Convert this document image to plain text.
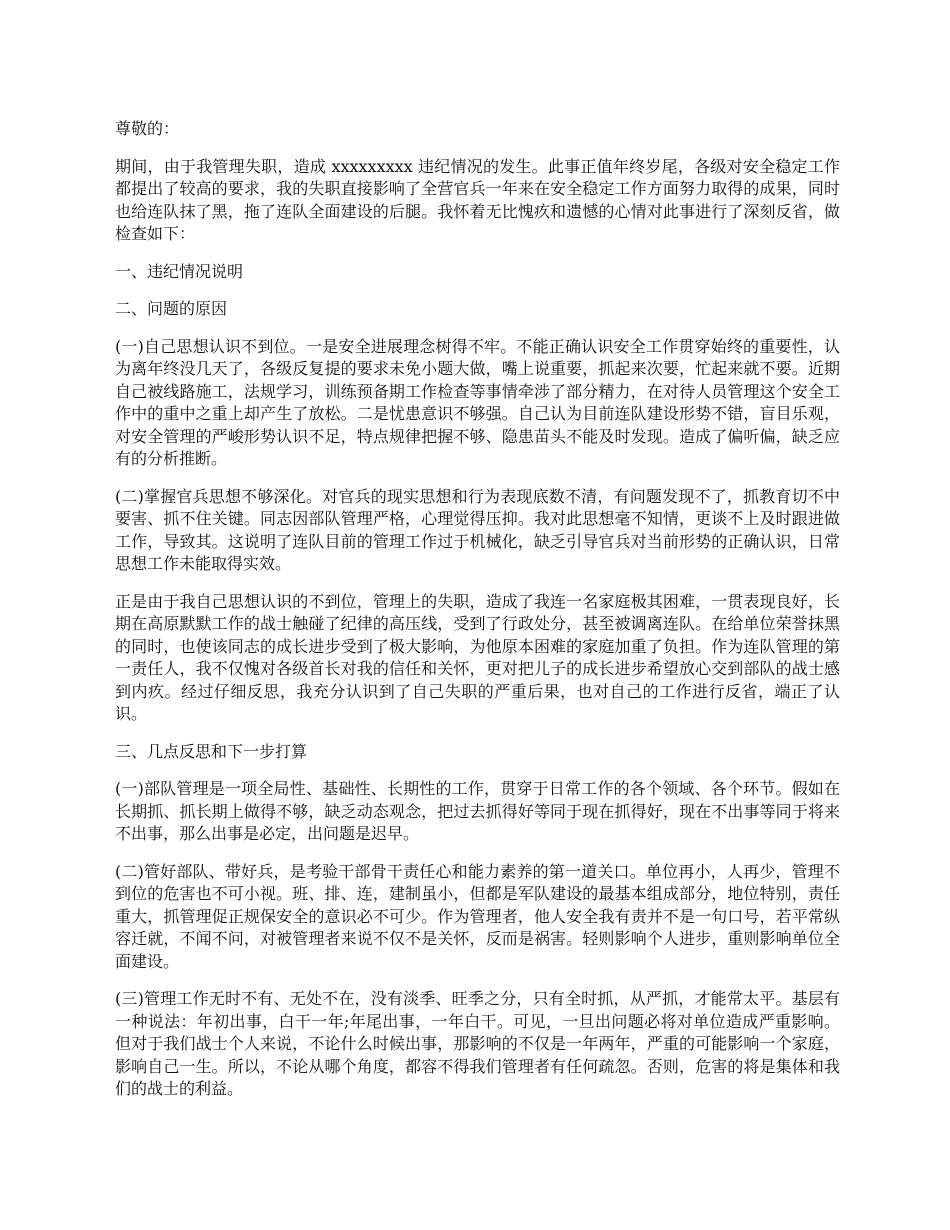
尊敬的：

期间，由于我管理失职，造成 xxxxxxxxx 违纪情况的发生。此事正值年终岁尾，各级对安全稳定工作都提出了较高的要求，我的失职直接影响了全营官兵一年来在安全稳定工作方面努力取得的成果，同时也给连队抹了黑，拖了连队全面建设的后腿。我怀着无比愧疚和遗憾的心情对此事进行了深刻反省，做检查如下：

一、违纪情况说明

二、问题的原因

(一)自己思想认识不到位。一是安全进展理念树得不牢。不能正确认识安全工作贯穿始终的重要性，认为离年终没几天了，各级反复提的要求未免小题大做，嘴上说重要，抓起来次要，忙起来就不要。近期自己被线路施工，法规学习，训练预备期工作检查等事情牵涉了部分精力，在对待人员管理这个安全工作中的重中之重上却产生了放松。二是忧患意识不够强。自己认为目前连队建设形势不错，盲目乐观，对安全管理的严峻形势认识不足，特点规律把握不够、隐患苗头不能及时发现。造成了偏听偏，缺乏应有的分析推断。

(二)掌握官兵思想不够深化。对官兵的现实思想和行为表现底数不清，有问题发现不了，抓教育切不中要害、抓不住关键。同志因部队管理严格，心理觉得压抑。我对此思想毫不知情，更谈不上及时跟进做工作，导致其。这说明了连队目前的管理工作过于机械化，缺乏引导官兵对当前形势的正确认识，日常思想工作未能取得实效。

正是由于我自己思想认识的不到位，管理上的失职，造成了我连一名家庭极其困难，一贯表现良好，长期在高原默默工作的战士触碰了纪律的高压线，受到了行政处分，甚至被调离连队。在给单位荣誉抹黑的同时，也使该同志的成长进步受到了极大影响，为他原本困难的家庭加重了负担。作为连队管理的第一责任人，我不仅愧对各级首长对我的信任和关怀，更对把儿子的成长进步希望放心交到部队的战士感到内疚。经过仔细反思，我充分认识到了自己失职的严重后果，也对自己的工作进行反省，端正了认识。

三、几点反思和下一步打算

(一)部队管理是一项全局性、基础性、长期性的工作，贯穿于日常工作的各个领域、各个环节。假如在长期抓、抓长期上做得不够，缺乏动态观念，把过去抓得好等同于现在抓得好，现在不出事等同于将来不出事，那么出事是必定，出问题是迟早。

(二)管好部队、带好兵，是考验干部骨干责任心和能力素养的第一道关口。单位再小，人再少，管理不到位的危害也不可小视。班、排、连，建制虽小，但都是军队建设的最基本组成部分，地位特别，责任重大，抓管理促正规保安全的意识必不可少。作为管理者，他人安全我有责并不是一句口号，若平常纵容迁就，不闻不问，对被管理者来说不仅不是关怀，反而是祸害。轻则影响个人进步，重则影响单位全面建设。

(三)管理工作无时不有、无处不在，没有淡季、旺季之分，只有全时抓，从严抓，才能常太平。基层有一种说法：年初出事，白干一年;年尾出事，一年白干。可见，一旦出问题必将对单位造成严重影响。但对于我们战士个人来说，不论什么时候出事，那影响的不仅是一年两年，严重的可能影响一个家庭，影响自己一生。所以，不论从哪个角度，都容不得我们管理者有任何疏忽。否则，危害的将是集体和我们的战士的利益。
